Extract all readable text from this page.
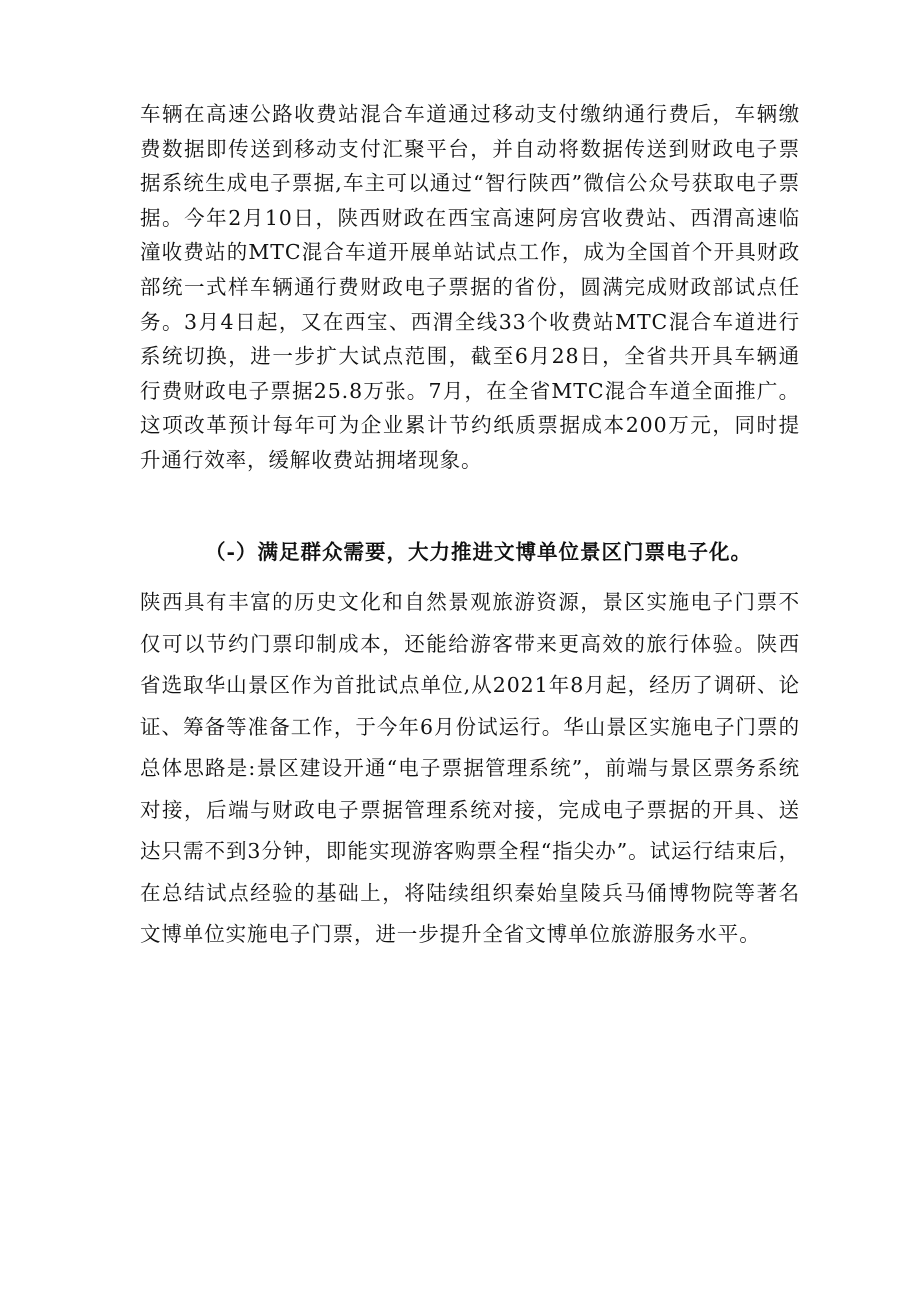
车辆在高速公路收费站混合车道通过移动支付缴纳通行费后，车辆缴费数据即传送到移动支付汇聚平台，并自动将数据传送到财政电子票据系统生成电子票据,车主可以通过“智行陕西”微信公众号获取电子票据。今年2月10日，陕西财政在西宝高速阿房宫收费站、西渭高速临潼收费站的MTC混合车道开展单站试点工作，成为全国首个开具财政部统一式样车辆通行费财政电子票据的省份，圆满完成财政部试点任务。3月4日起，又在西宝、西渭全线33个收费站MTC混合车道进行系统切换，进一步扩大试点范围，截至6月28日，全省共开具车辆通行费财政电子票据25.8万张。7月，在全省MTC混合车道全面推广。这项改革预计每年可为企业累计节约纸质票据成本200万元，同时提升通行效率，缓解收费站拥堵现象。

（-）满足群众需要，大力推进文博单位景区门票电子化。

陕西具有丰富的历史文化和自然景观旅游资源，景区实施电子门票不仅可以节约门票印制成本，还能给游客带来更高效的旅行体验。陕西省选取华山景区作为首批试点单位,从2021年8月起，经历了调研、论证、筹备等准备工作，于今年6月份试运行。华山景区实施电子门票的总体思路是:景区建设开通“电子票据管理系统”，前端与景区票务系统对接，后端与财政电子票据管理系统对接，完成电子票据的开具、送达只需不到3分钟，即能实现游客购票全程“指尖办”。试运行结束后，在总结试点经验的基础上，将陆续组织秦始皇陵兵马俑博物院等著名文博单位实施电子门票，进一步提升全省文博单位旅游服务水平。
